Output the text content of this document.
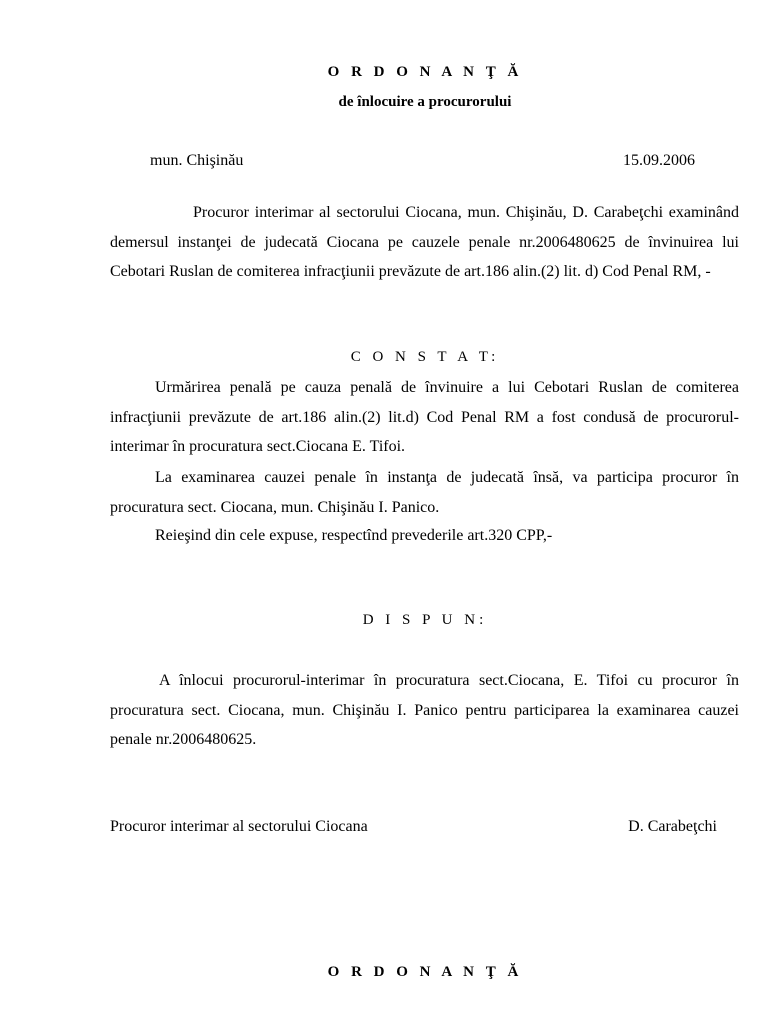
O R D O N A N Ţ Ă
de înlocuire a procurorului
mun. Chişinău	15.09.2006
Procuror interimar al sectorului Ciocana, mun. Chişinău, D. Carabeţchi examinând demersul instanţei de judecată Ciocana pe cauzele penale nr.2006480625 de învinuirea lui Cebotari Ruslan de comiterea infracţiunii prevăzute de art.186 alin.(2) lit. d) Cod Penal RM, -
C O N S T A T:
Urmărirea penală pe cauza penală de învinuire a lui Cebotari Ruslan de comiterea infracţiunii prevăzute de art.186 alin.(2) lit.d) Cod Penal RM a fost condusă de procurorul-interimar în procuratura sect.Ciocana E. Tifoi.
La examinarea cauzei penale în instanţa de judecată însă, va participa procuror în procuratura sect. Ciocana, mun. Chişinău I. Panico.
Reieşind din cele expuse, respectînd prevederile art.320 CPP,-
D I S P U N:
A înlocui procurorul-interimar în procuratura sect.Ciocana, E. Tifoi cu procuror în procuratura sect. Ciocana, mun. Chişinău I. Panico pentru participarea la examinarea cauzei penale nr.2006480625.
Procuror interimar al sectorului Ciocana	D. Carabeţchi
O R D O N A N Ţ Ă
